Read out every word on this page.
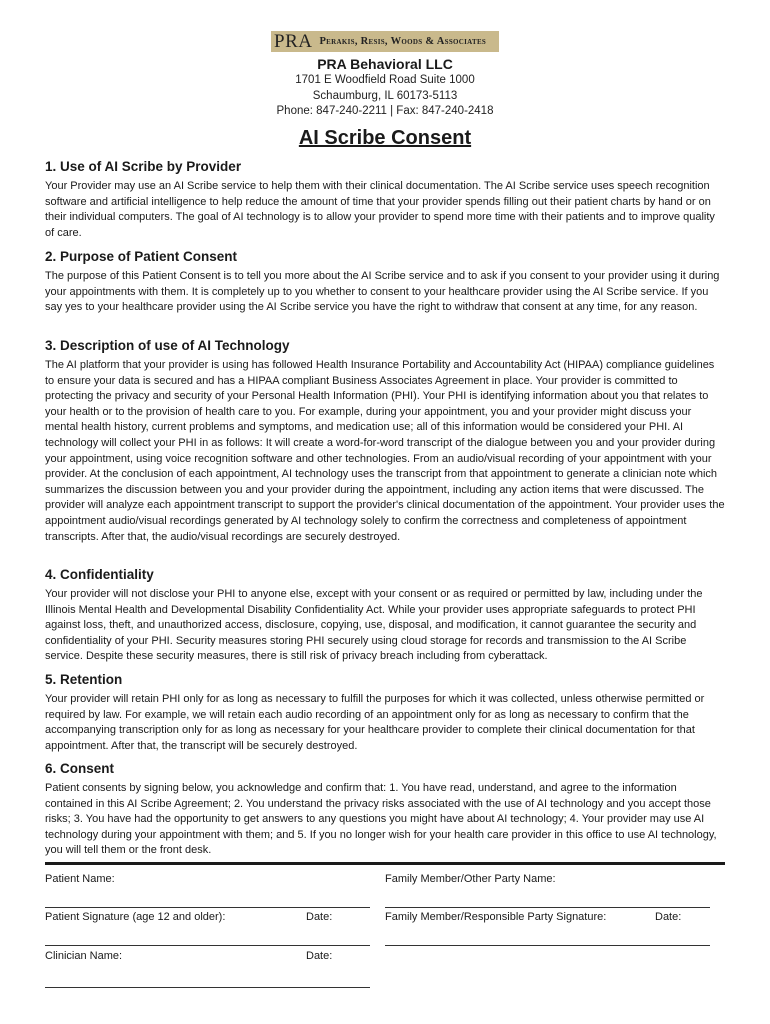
PRA Perakis, Resis, Woods & Associates
PRA Behavioral LLC
1701 E Woodfield Road Suite 1000
Schaumburg, IL 60173-5113
Phone: 847-240-2211 | Fax: 847-240-2418
AI Scribe Consent
1. Use of AI Scribe by Provider

Your Provider may use an AI Scribe service to help them with their clinical documentation. The AI Scribe service uses speech recognition software and artificial intelligence to help reduce the amount of time that your provider spends filling out their patient charts by hand or on their individual computers. The goal of AI technology is to allow your provider to spend more time with their patients and to improve quality of care.

2. Purpose of Patient Consent

The purpose of this Patient Consent is to tell you more about the AI Scribe service and to ask if you consent to your provider using it during your appointments with them. It is completely up to you whether to consent to your healthcare provider using the AI Scribe service. If you say yes to your healthcare provider using the AI Scribe service you have the right to withdraw that consent at any time, for any reason.

3. Description of use of AI Technology

The AI platform that your provider is using has followed Health Insurance Portability and Accountability Act (HIPAA) compliance guidelines to ensure your data is secured and has a HIPAA compliant Business Associates Agreement in place. Your provider is committed to protecting the privacy and security of your Personal Health Information (PHI). Your PHI is identifying information about you that relates to your health or to the provision of health care to you. For example, during your appointment, you and your provider might discuss your mental health history, current problems and symptoms, and medication use; all of this information would be considered your PHI. AI technology will collect your PHI in as follows: It will create a word-for-word transcript of the dialogue between you and your provider during your appointment, using voice recognition software and other technologies. From an audio/visual recording of your appointment with your provider. At the conclusion of each appointment, AI technology uses the transcript from that appointment to generate a clinician note which summarizes the discussion between you and your provider during the appointment, including any action items that were discussed. The provider will analyze each appointment transcript to support the provider's clinical documentation of the appointment. Your provider uses the appointment audio/visual recordings generated by AI technology solely to confirm the correctness and completeness of appointment transcripts. After that, the audio/visual recordings are securely destroyed.

4. Confidentiality

Your provider will not disclose your PHI to anyone else, except with your consent or as required or permitted by law, including under the Illinois Mental Health and Developmental Disability Confidentiality Act. While your provider uses appropriate safeguards to protect PHI against loss, theft, and unauthorized access, disclosure, copying, use, disposal, and modification, it cannot guarantee the security and confidentiality of your PHI. Security measures storing PHI securely using cloud storage for records and transmission to the AI Scribe service. Despite these security measures, there is still risk of privacy breach including from cyberattack.

5. Retention

Your provider will retain PHI only for as long as necessary to fulfill the purposes for which it was collected, unless otherwise permitted or required by law. For example, we will retain each audio recording of an appointment only for as long as necessary to confirm that the accompanying transcription only for as long as necessary for your healthcare provider to complete their clinical documentation for that appointment. After that, the transcript will be securely destroyed.

6. Consent

Patient consents by signing below, you acknowledge and confirm that: 1. You have read, understand, and agree to the information contained in this AI Scribe Agreement; 2. You understand the privacy risks associated with the use of AI technology and you accept those risks; 3. You have had the opportunity to get answers to any questions you might have about AI technology; 4. Your provider may use AI technology during your appointment with them; and 5. If you no longer wish for your health care provider in this office to use AI technology, you will tell them or the front desk.

Patient Name:	Family Member/Other Party Name:
Patient Signature (age 12 and older):	Date:	Family Member/Responsible Party Signature:	Date:
Clinician Name:	Date:
